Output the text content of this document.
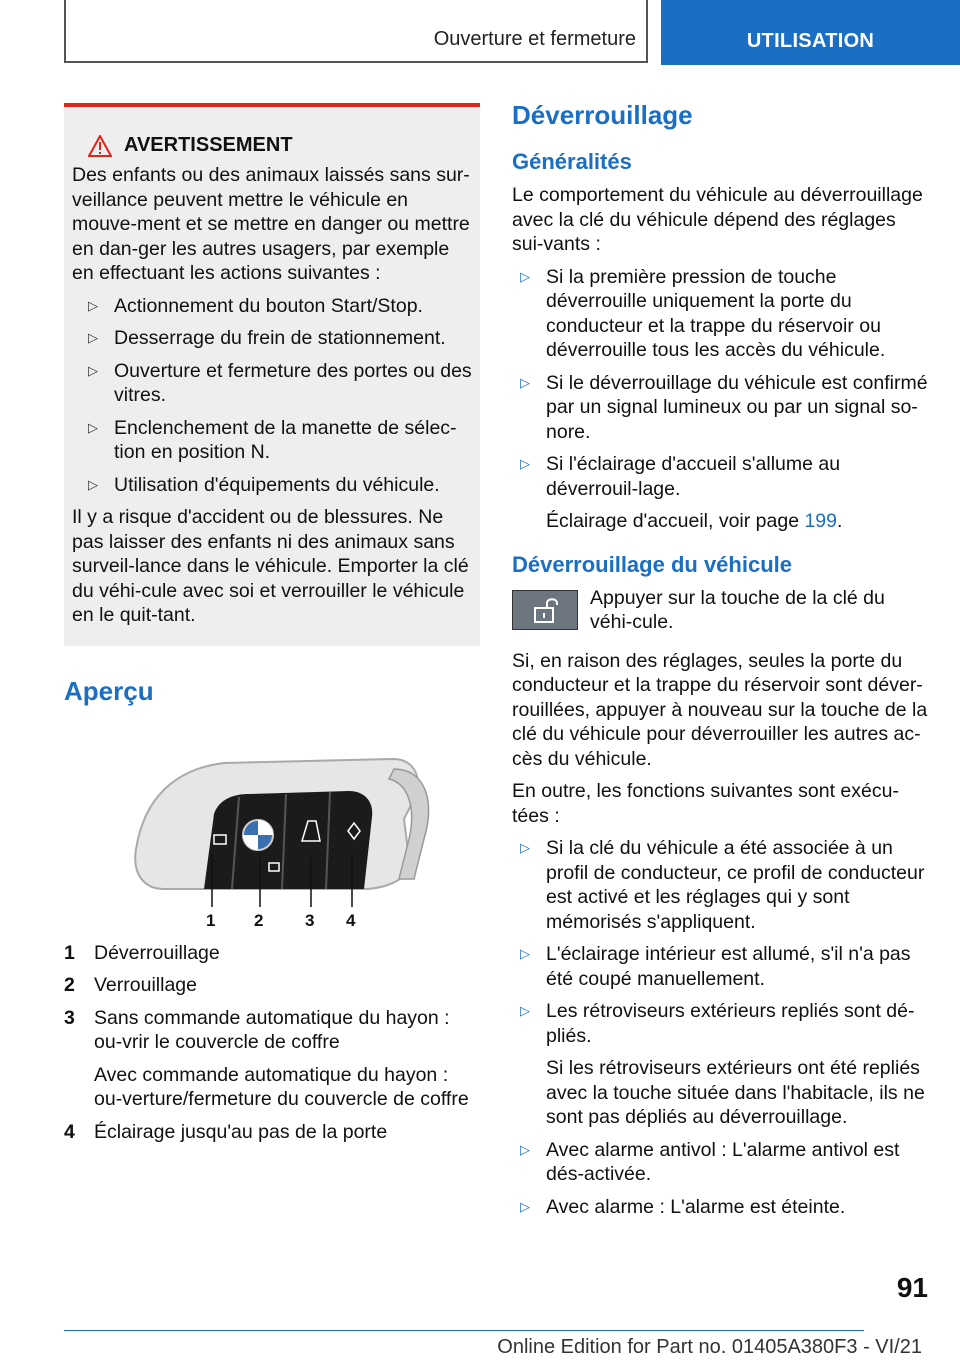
Ouverture et fermeture	UTILISATION
AVERTISSEMENT

Des enfants ou des animaux laissés sans sur-veillance peuvent mettre le véhicule en mouve-ment et se mettre en danger ou mettre en dan-ger les autres usagers, par exemple en effectuant les actions suivantes :

▷ Actionnement du bouton Start/Stop.
▷ Desserrage du frein de stationnement.
▷ Ouverture et fermeture des portes ou des vitres.
▷ Enclenchement de la manette de sélec-tion en position N.
▷ Utilisation d'équipements du véhicule.

Il y a risque d'accident ou de blessures. Ne pas laisser des enfants ni des animaux sans surveil-lance dans le véhicule. Emporter la clé du véhi-cule avec soi et verrouiller le véhicule en le quit-tant.

Aperçu
1 2 3 4
1 Déverrouillage
2 Verrouillage
3 Sans commande automatique du hayon : ou-vrir le couvercle de coffre
Avec commande automatique du hayon : ou-verture/fermeture du couvercle de coffre
4 Éclairage jusqu'au pas de la porte
Déverrouillage
Généralités

Le comportement du véhicule au déverrouillage avec la clé du véhicule dépend des réglages sui-vants :

▷ Si la première pression de touche déverrouille uniquement la porte du conducteur et la trappe du réservoir ou déverrouille tous les accès du véhicule.
▷ Si le déverrouillage du véhicule est confirmé par un signal lumineux ou par un signal so-nore.
▷ Si l'éclairage d'accueil s'allume au déverrouil-lage.
Éclairage d'accueil, voir page 199.
Déverrouillage du véhicule

Appuyer sur la touche de la clé du véhi-cule.

Si, en raison des réglages, seules la porte du conducteur et la trappe du réservoir sont déver-rouillées, appuyer à nouveau sur la touche de la clé du véhicule pour déverrouiller les autres ac-cès du véhicule.

En outre, les fonctions suivantes sont exécu-tées :

▷ Si la clé du véhicule a été associée à un profil de conducteur, ce profil de conducteur est activé et les réglages qui y sont mémorisés s'appliquent.
▷ L'éclairage intérieur est allumé, s'il n'a pas été coupé manuellement.
▷ Les rétroviseurs extérieurs repliés sont dé-pliés.
Si les rétroviseurs extérieurs ont été repliés avec la touche située dans l'habitacle, ils ne sont pas dépliés au déverrouillage.
▷ Avec alarme antivol : L'alarme antivol est dés-activée.
▷ Avec alarme : L'alarme est éteinte.
91
Online Edition for Part no. 01405A380F3 - VI/21
